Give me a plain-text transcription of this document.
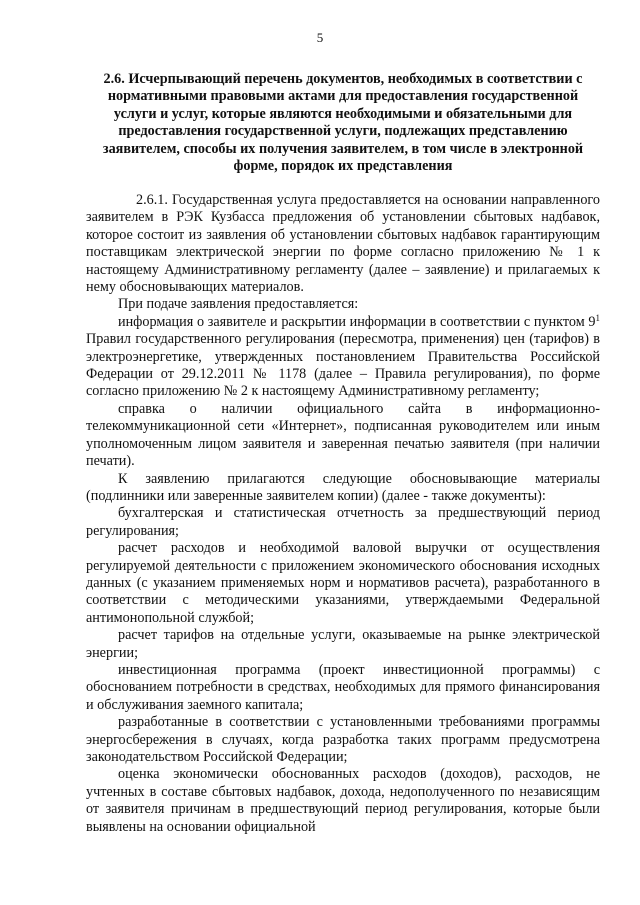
5
2.6. Исчерпывающий перечень документов, необходимых в соответствии с нормативными правовыми актами для предоставления государственной услуги и услуг, которые являются необходимыми и обязательными для предоставления государственной услуги, подлежащих представлению заявителем, способы их получения заявителем, в том числе в электронной форме, порядок их представления

2.6.1. Государственная услуга предоставляется на основании направленного заявителем в РЭК Кузбасса предложения об установлении сбытовых надбавок, которое состоит из заявления об установлении сбытовых надбавок гарантирующим поставщикам электрической энергии по форме согласно приложению № 1 к настоящему Административному регламенту (далее – заявление) и прилагаемых к нему обосновывающих материалов.

При подаче заявления предоставляется:

информация о заявителе и раскрытии информации в соответствии с пунктом $9^1$ Правил государственного регулирования (пересмотра, применения) цен (тарифов) в электроэнергетике, утвержденных постановлением Правительства Российской Федерации от 29.12.2011 № 1178 (далее – Правила регулирования), по форме согласно приложению № 2 к настоящему Административному регламенту;

справка о наличии официального сайта в информационно-телекоммуникационной сети «Интернет», подписанная руководителем или иным уполномоченным лицом заявителя и заверенная печатью заявителя (при наличии печати).

К заявлению прилагаются следующие обосновывающие материалы (подлинники или заверенные заявителем копии) (далее - также документы):

бухгалтерская и статистическая отчетность за предшествующий период регулирования;

расчет расходов и необходимой валовой выручки от осуществления регулируемой деятельности с приложением экономического обоснования исходных данных (с указанием применяемых норм и нормативов расчета), разработанного в соответствии с методическими указаниями, утверждаемыми Федеральной антимонопольной службой;

расчет тарифов на отдельные услуги, оказываемые на рынке электрической энергии;

инвестиционная программа (проект инвестиционной программы) с обоснованием потребности в средствах, необходимых для прямого финансирования и обслуживания заемного капитала;

разработанные в соответствии с установленными требованиями программы энергосбережения в случаях, когда разработка таких программ предусмотрена законодательством Российской Федерации;

оценка экономически обоснованных расходов (доходов), расходов, не учтенных в составе сбытовых надбавок, дохода, недополученного по независящим от заявителя причинам в предшествующий период регулирования, которые были выявлены на основании официальной
